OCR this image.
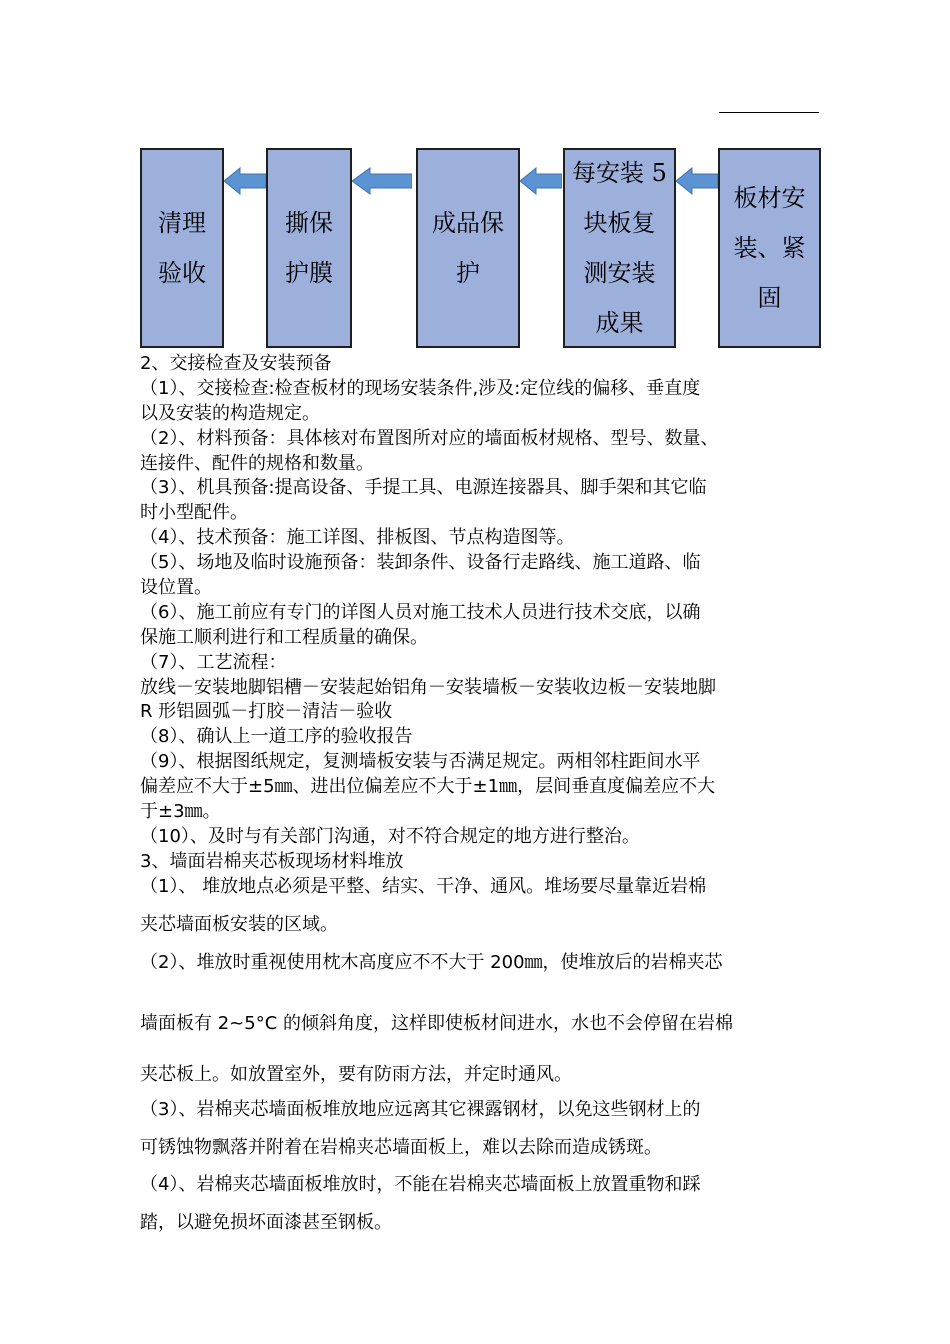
清理
验收
撕保
护膜
成品保
护
每安装 5
块板复
测安装
成果
板材安
装、紧
固
2、交接检查及安装预备
（1）、交接检查:检查板材的现场安装条件,涉及:定位线的偏移、垂直度
以及安装的构造规定。
（2）、材料预备：具体核对布置图所对应的墙面板材规格、型号、数量、
连接件、配件的规格和数量。
（3）、机具预备:提高设备、手提工具、电源连接器具、脚手架和其它临
时小型配件。
（4）、技术预备：施工详图、排板图、节点构造图等。
（5）、场地及临时设施预备：装卸条件、设备行走路线、施工道路、临
设位置。
（6）、施工前应有专门的详图人员对施工技术人员进行技术交底，以确
保施工顺利进行和工程质量的确保。
（7）、工艺流程：
放线－安装地脚铝槽－安装起始铝角－安装墙板－安装收边板－安装地脚
R 形铝圆弧－打胶－清洁－验收
（8）、确认上一道工序的验收报告
（9）、根据图纸规定，复测墙板安装与否满足规定。两相邻柱距间水平
偏差应不大于±5㎜、进出位偏差应不大于±1㎜，层间垂直度偏差应不大
于±3㎜。
（10）、及时与有关部门沟通，对不符合规定的地方进行整治。
3、墙面岩棉夹芯板现场材料堆放
（1）、 堆放地点必须是平整、结实、干净、通风。堆场要尽量靠近岩棉
夹芯墙面板安装的区域。
（2）、堆放时重视使用枕木高度应不不大于 200㎜，使堆放后的岩棉夹芯
墙面板有 2~5°C 的倾斜角度，这样即使板材间进水，水也不会停留在岩棉
夹芯板上。如放置室外，要有防雨方法，并定时通风。
（3）、岩棉夹芯墙面板堆放地应远离其它裸露钢材，以免这些钢材上的
可锈蚀物飘落并附着在岩棉夹芯墙面板上，难以去除而造成锈斑。
（4）、岩棉夹芯墙面板堆放时，不能在岩棉夹芯墙面板上放置重物和踩
踏，以避免损坏面漆甚至钢板。
